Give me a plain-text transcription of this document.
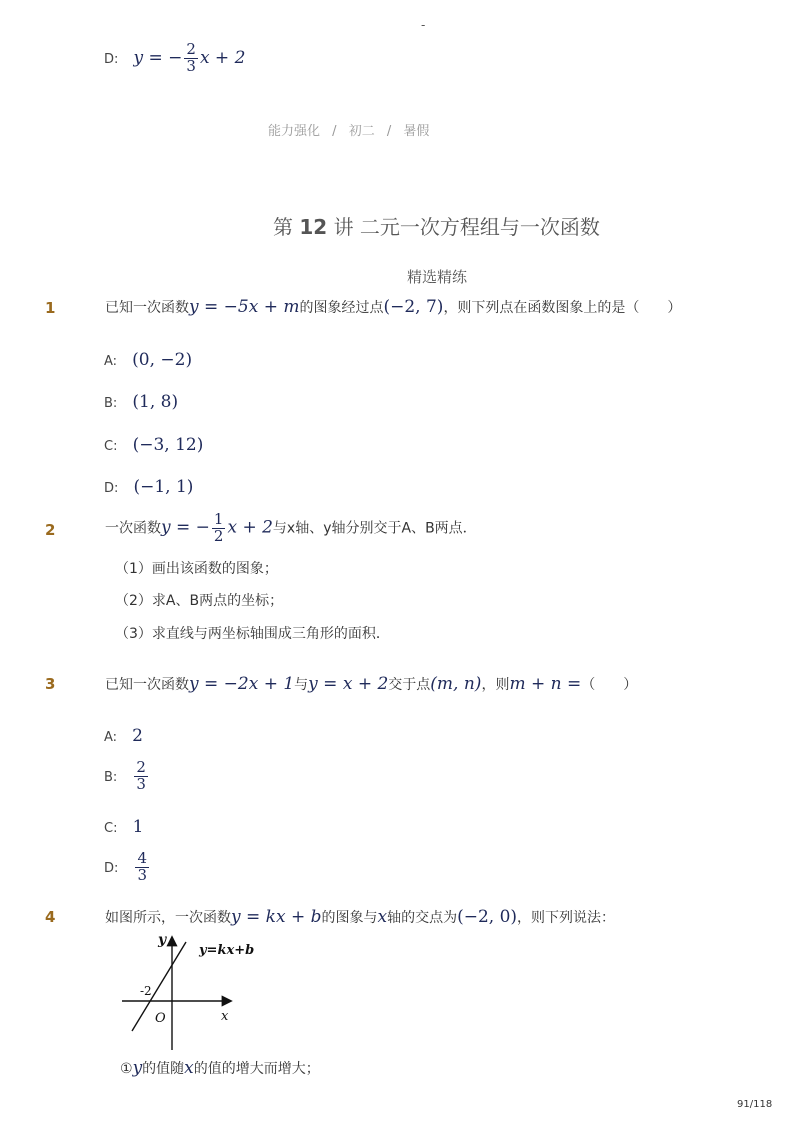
-
D: y = − $\frac{2}{3}$ x + 2
能力强化 / 初二 / 暑假
第 12 讲 二元一次方程组与一次函数
精选精练
1	已知一次函数y = −5x + m的图象经过点(−2, 7)，则下列点在函数图象上的是（　　）
A: (0, −2)
B: (1, 8)
C: (−3, 12)
D: (−1, 1)
2	一次函数y = − $\frac{1}{2}$ x + 2与x轴、y轴分别交于A、B两点．
（1）画出该函数的图象；
（2）求A、B两点的坐标；
（3）求直线与两坐标轴围成三角形的面积．
3	已知一次函数y = −2x + 1与y = x + 2交于点(m, n)，则m + n =（　　）
A: 2
B: $\frac{2}{3}$
C: 1
D: $\frac{4}{3}$
4	如图所示，一次函数y = kx + b的图象与x轴的交点为(−2, 0)，则下列说法：
y
x
O
-2
y=kx+b
①y的值随x的值的增大而增大；
91/118
